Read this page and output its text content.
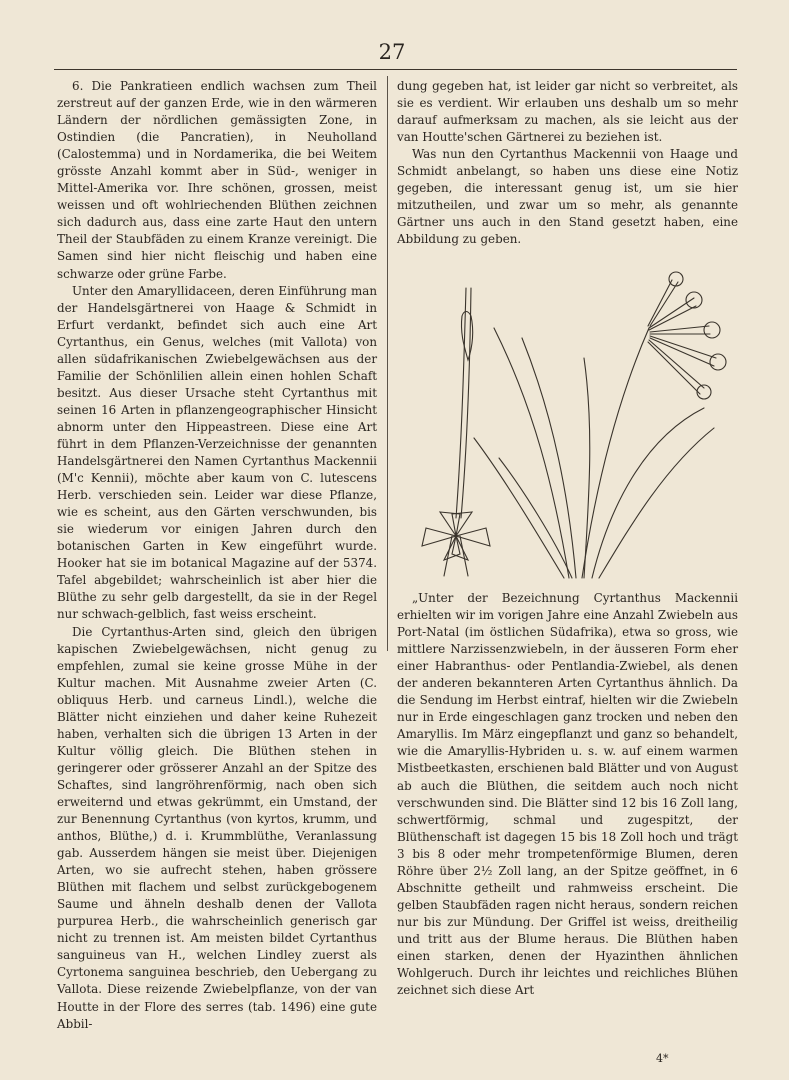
27

6. Die Pankratieen endlich wachsen zum Theil zerstreut auf der ganzen Erde, wie in den wärmeren Ländern der nördlichen gemässigten Zone, in Ostindien (die Pancratien), in Neuholland (Calostemma) und in Nordamerika, die bei Weitem grösste Anzahl kommt aber in Süd-, weniger in Mittel-Amerika vor. Ihre schönen, grossen, meist weissen und oft wohlriechenden Blüthen zeichnen sich dadurch aus, dass eine zarte Haut den untern Theil der Staubfäden zu einem Kranze vereinigt. Die Samen sind hier nicht fleischig und haben eine schwarze oder grüne Farbe.

Unter den Amaryllidaceen, deren Einführung man der Handelsgärtnerei von Haage & Schmidt in Erfurt verdankt, befindet sich auch eine Art Cyrtanthus, ein Genus, welches (mit Vallota) von allen südafrikanischen Zwiebelgewächsen aus der Familie der Schönlilien allein einen hohlen Schaft besitzt. Aus dieser Ursache steht Cyrtanthus mit seinen 16 Arten in pflanzengeographischer Hinsicht abnorm unter den Hippeastreen. Diese eine Art führt in dem Pflanzen-Verzeichnisse der genannten Handelsgärtnerei den Namen Cyrtanthus Mackennii (M'c Kennii), möchte aber kaum von C. lutescens Herb. verschieden sein. Leider war diese Pflanze, wie es scheint, aus den Gärten verschwunden, bis sie wiederum vor einigen Jahren durch den botanischen Garten in Kew eingeführt wurde. Hooker hat sie im botanical Magazine auf der 5374. Tafel abgebildet; wahrscheinlich ist aber hier die Blüthe zu sehr gelb dargestellt, da sie in der Regel nur schwach-gelblich, fast weiss erscheint.

Die Cyrtanthus-Arten sind, gleich den übrigen kapischen Zwiebelgewächsen, nicht genug zu empfehlen, zumal sie keine grosse Mühe in der Kultur machen. Mit Ausnahme zweier Arten (C. obliquus Herb. und carneus Lindl.), welche die Blätter nicht einziehen und daher keine Ruhezeit haben, verhalten sich die übrigen 13 Arten in der Kultur völlig gleich. Die Blüthen stehen in geringerer oder grösserer Anzahl an der Spitze des Schaftes, sind langröhrenförmig, nach oben sich erweiternd und etwas gekrümmt, ein Umstand, der zur Benennung Cyrtanthus (von kyrtos, krumm, und anthos, Blüthe,) d. i. Krummblüthe, Veranlassung gab. Ausserdem hängen sie meist über. Diejenigen Arten, wo sie aufrecht stehen, haben grössere Blüthen mit flachem und selbst zurückgebogenem Saume und ähneln deshalb denen der Vallota purpurea Herb., die wahrscheinlich generisch gar nicht zu trennen ist. Am meisten bildet Cyrtanthus sanguineus van H., welchen Lindley zuerst als Cyrtonema sanguinea beschrieb, den Uebergang zu Vallota. Diese reizende Zwiebelpflanze, von der van Houtte in der Flore des serres (tab. 1496) eine gute Abbil-

dung gegeben hat, ist leider gar nicht so verbreitet, als sie es verdient. Wir erlauben uns deshalb um so mehr darauf aufmerksam zu machen, als sie leicht aus der van Houtte'schen Gärtnerei zu beziehen ist.

Was nun den Cyrtanthus Mackennii von Haage und Schmidt anbelangt, so haben uns diese eine Notiz gegeben, die interessant genug ist, um sie hier mitzutheilen, und zwar um so mehr, als genannte Gärtner uns auch in den Stand gesetzt haben, eine Abbildung zu geben.

„Unter der Bezeichnung Cyrtanthus Mackennii erhielten wir im vorigen Jahre eine Anzahl Zwiebeln aus Port-Natal (im östlichen Südafrika), etwa so gross, wie mittlere Narzissenzwiebeln, in der äusseren Form eher einer Habranthus- oder Pentlandia-Zwiebel, als denen der anderen bekannteren Arten Cyrtanthus ähnlich. Da die Sendung im Herbst eintraf, hielten wir die Zwiebeln nur in Erde eingeschlagen ganz trocken und neben den Amaryllis. Im März eingepflanzt und ganz so behandelt, wie die Amaryllis-Hybriden u. s. w. auf einem warmen Mistbeetkasten, erschienen bald Blätter und von August ab auch die Blüthen, die seitdem auch noch nicht verschwunden sind. Die Blätter sind 12 bis 16 Zoll lang, schwertförmig, schmal und zugespitzt, der Blüthenschaft ist dagegen 15 bis 18 Zoll hoch und trägt 3 bis 8 oder mehr trompetenförmige Blumen, deren Röhre über 2½ Zoll lang, an der Spitze geöffnet, in 6 Abschnitte getheilt und rahmweiss erscheint. Die gelben Staubfäden ragen nicht heraus, sondern reichen nur bis zur Mündung. Der Griffel ist weiss, dreitheilig und tritt aus der Blume heraus. Die Blüthen haben einen starken, denen der Hyazinthen ähnlichen Wohlgeruch. Durch ihr leichtes und reichliches Blühen zeichnet sich diese Art

4*
